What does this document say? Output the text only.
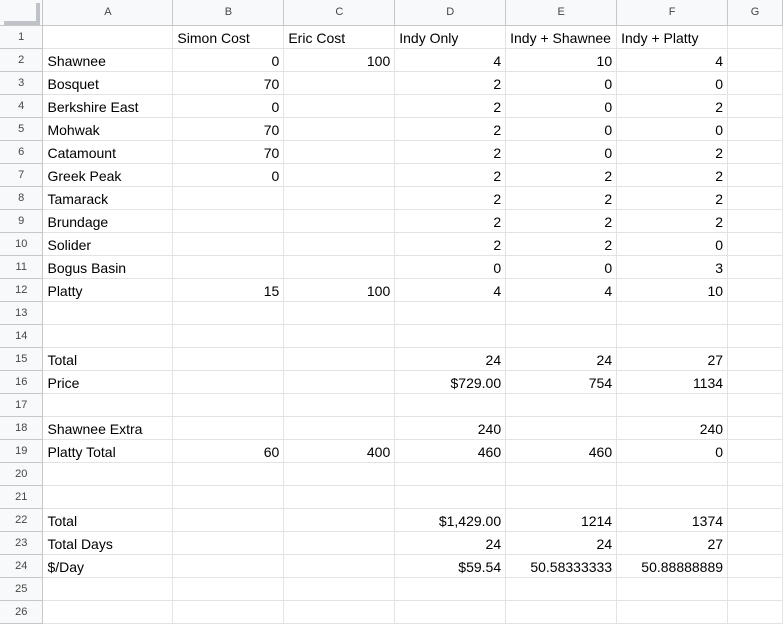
	A	B	C	D	E	F	G
1		Simon Cost	Eric Cost	Indy Only	Indy + Shawnee	Indy + Platty	
2	Shawnee	0	100	4	10	4	
3	Bosquet	70		2	0	0	
4	Berkshire East	0		2	0	2	
5	Mohwak	70		2	0	0	
6	Catamount	70		2	0	2	
7	Greek Peak	0		2	2	2	
8	Tamarack			2	2	2	
9	Brundage			2	2	2	
10	Solider			2	2	0	
11	Bogus Basin			0	0	3	
12	Platty	15	100	4	4	10	
13							
14							
15	Total			24	24	27	
16	Price			$729.00	754	1134	
17							
18	Shawnee Extra			240		240	
19	Platty Total	60	400	460	460	0	
20							
21							
22	Total			$1,429.00	1214	1374	
23	Total Days			24	24	27	
24	$/Day			$59.54	50.58333333	50.88888889	
25							
26							
